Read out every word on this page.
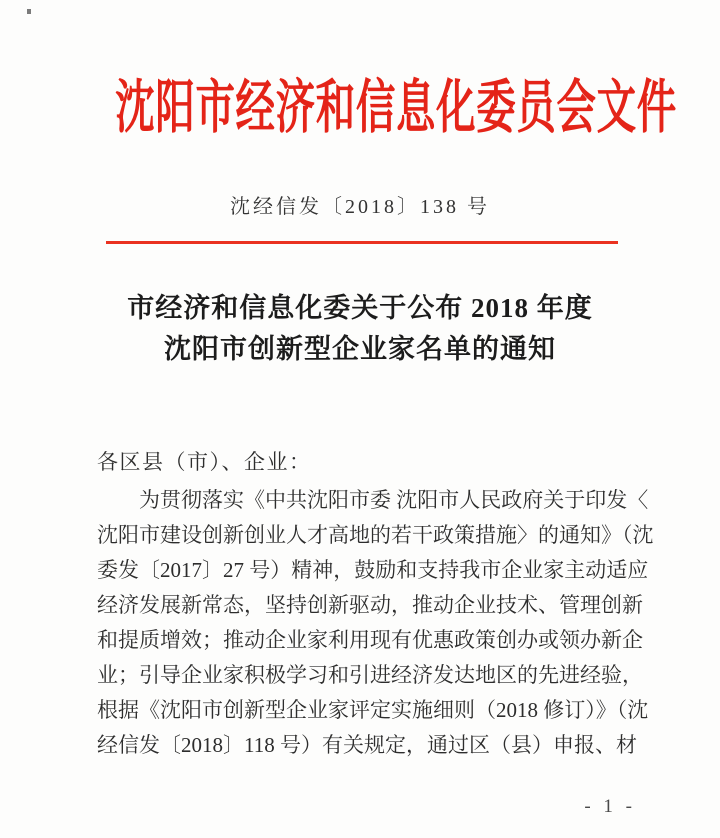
沈阳市经济和信息化委员会文件
沈经信发〔2018〕138 号
市经济和信息化委关于公布 2018 年度
沈阳市创新型企业家名单的通知
各区县（市）、企业：
为贯彻落实《中共沈阳市委 沈阳市人民政府关于印发〈
沈阳市建设创新创业人才高地的若干政策措施〉的通知》（沈
委发〔2017〕27 号）精神，鼓励和支持我市企业家主动适应
经济发展新常态，坚持创新驱动，推动企业技术、管理创新
和提质增效；推动企业家利用现有优惠政策创办或领办新企
业；引导企业家积极学习和引进经济发达地区的先进经验，
根据《沈阳市创新型企业家评定实施细则（2018 修订）》（沈
经信发〔2018〕118 号）有关规定，通过区（县）申报、材
- 1 -
